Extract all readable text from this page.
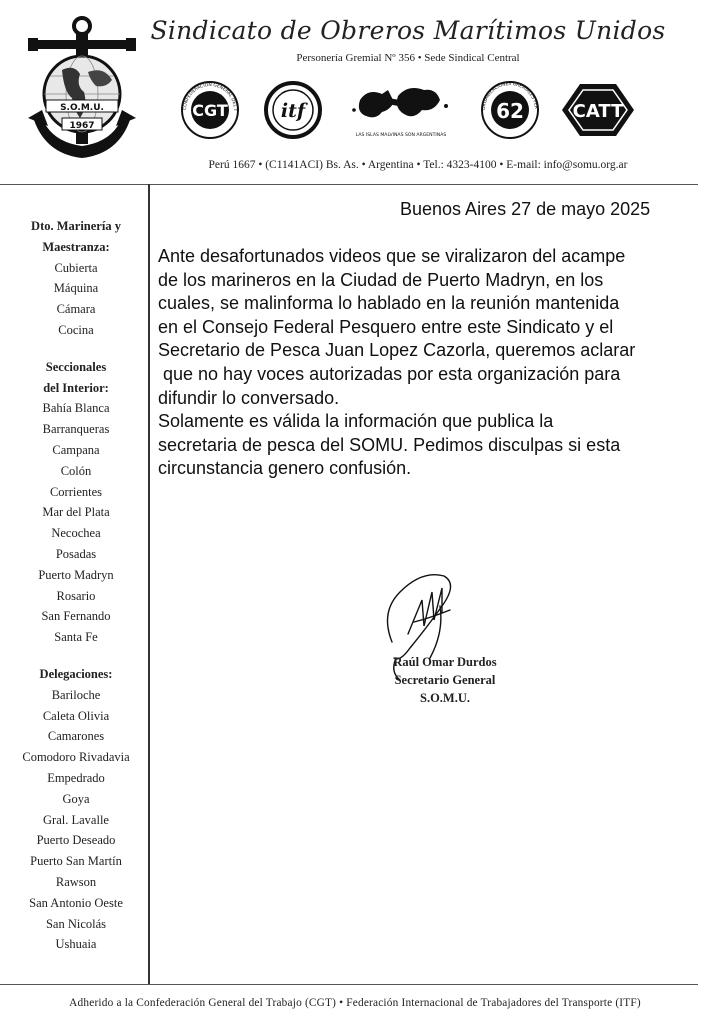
S.O.M.U.
1967
Sindicato de Obreros Marítimos Unidos
Personería Gremial Nº 356 • Sede Sindical Central
CONFEDERACION GENERAL DEL T
CGT	itf
LAS ISLAS MALVINAS SON ARGENTINAS
ORGANIZACIONES GREMIALES PER
62	CATT
Perú 1667 • (C1141ACI) Bs. As. • Argentina • Tel.: 4323-4100 • E-mail: info@somu.org.ar
Dto. Marinería y
Maestranza:
Cubierta
Máquina
Cámara
Cocina
Seccionales
del Interior:
Bahía Blanca
Barranqueras
Campana
Colón
Corrientes
Mar del Plata
Necochea
Posadas
Puerto Madryn
Rosario
San Fernando
Santa Fe
Delegaciones:
Bariloche
Caleta Olivia
Camarones
Comodoro Rivadavia
Empedrado
Goya
Gral. Lavalle
Puerto Deseado
Puerto San Martín
Rawson
San Antonio Oeste
San Nicolás
Ushuaia
Buenos Aires 27 de mayo 2025
Ante desafortunados videos que se viralizaron del acampe
de los marineros en la Ciudad de Puerto Madryn, en los
cuales, se malinforma lo hablado en la reunión mantenida
en el Consejo Federal Pesquero entre este Sindicato y el
Secretario de Pesca Juan Lopez Cazorla, queremos aclarar
que no hay voces autorizadas por esta organización para
difundir lo conversado.
Solamente es válida la información que publica la
secretaria de pesca del SOMU. Pedimos disculpas si esta
circunstancia genero confusión.
Raúl Omar Durdos
Secretario General
S.O.M.U.
Adherido a la Confederación General del Trabajo (CGT) • Federación Internacional de Trabajadores del Transporte (ITF)
